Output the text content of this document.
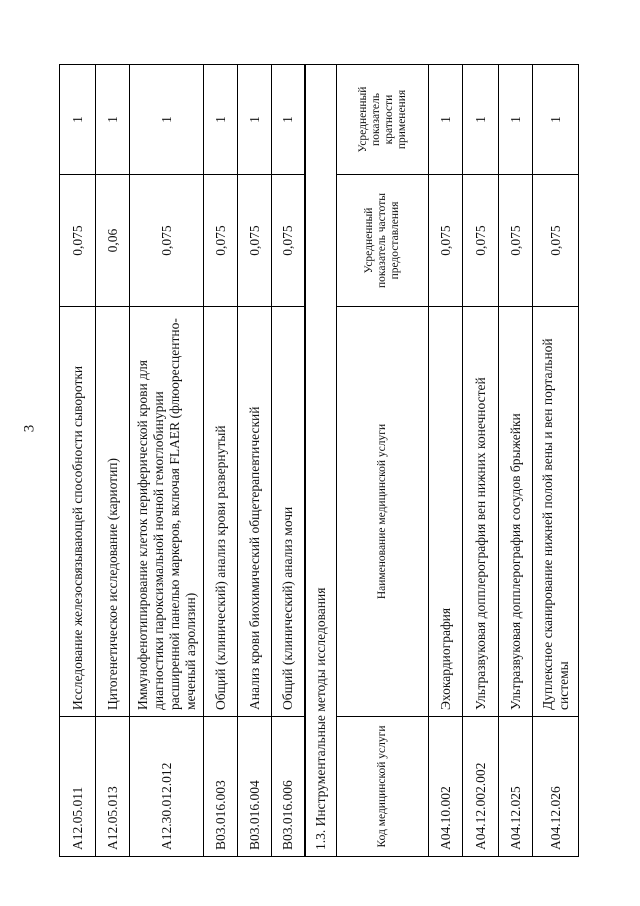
3
A12.05.011	Исследование железосвязывающей способности сыворотки	0,075	1
A12.05.013	Цитогенетическое исследование (кариотип)	0,06	1
A12.30.012.012	Иммунофенотипирование клеток периферической крови для диагностики пароксизмальной ночной гемоглобинурии расширенной панелью маркеров, включая FLAER (флюоресцентно-меченый аэролизин)	0,075	1
B03.016.003	Общий (клинический) анализ крови развернутый	0,075	1
B03.016.004	Анализ крови биохимический общетерапевтический	0,075	1
B03.016.006	Общий (клинический) анализ мочи	0,075	1
1.3. Инструментальные методы исследования			
Код медицинской услуги	Наименование медицинской услуги	Усредненный показатель частоты предоставления	Усредненный показатель кратности применения
A04.10.002	Эхокардиография	0,075	1
A04.12.002.002	Ультразвуковая допплерография вен нижних конечностей	0,075	1
A04.12.025	Ультразвуковая допплерография сосудов брыжейки	0,075	1
A04.12.026	Дуплексное сканирование нижней полой вены и вен портальной системы	0,075	1
